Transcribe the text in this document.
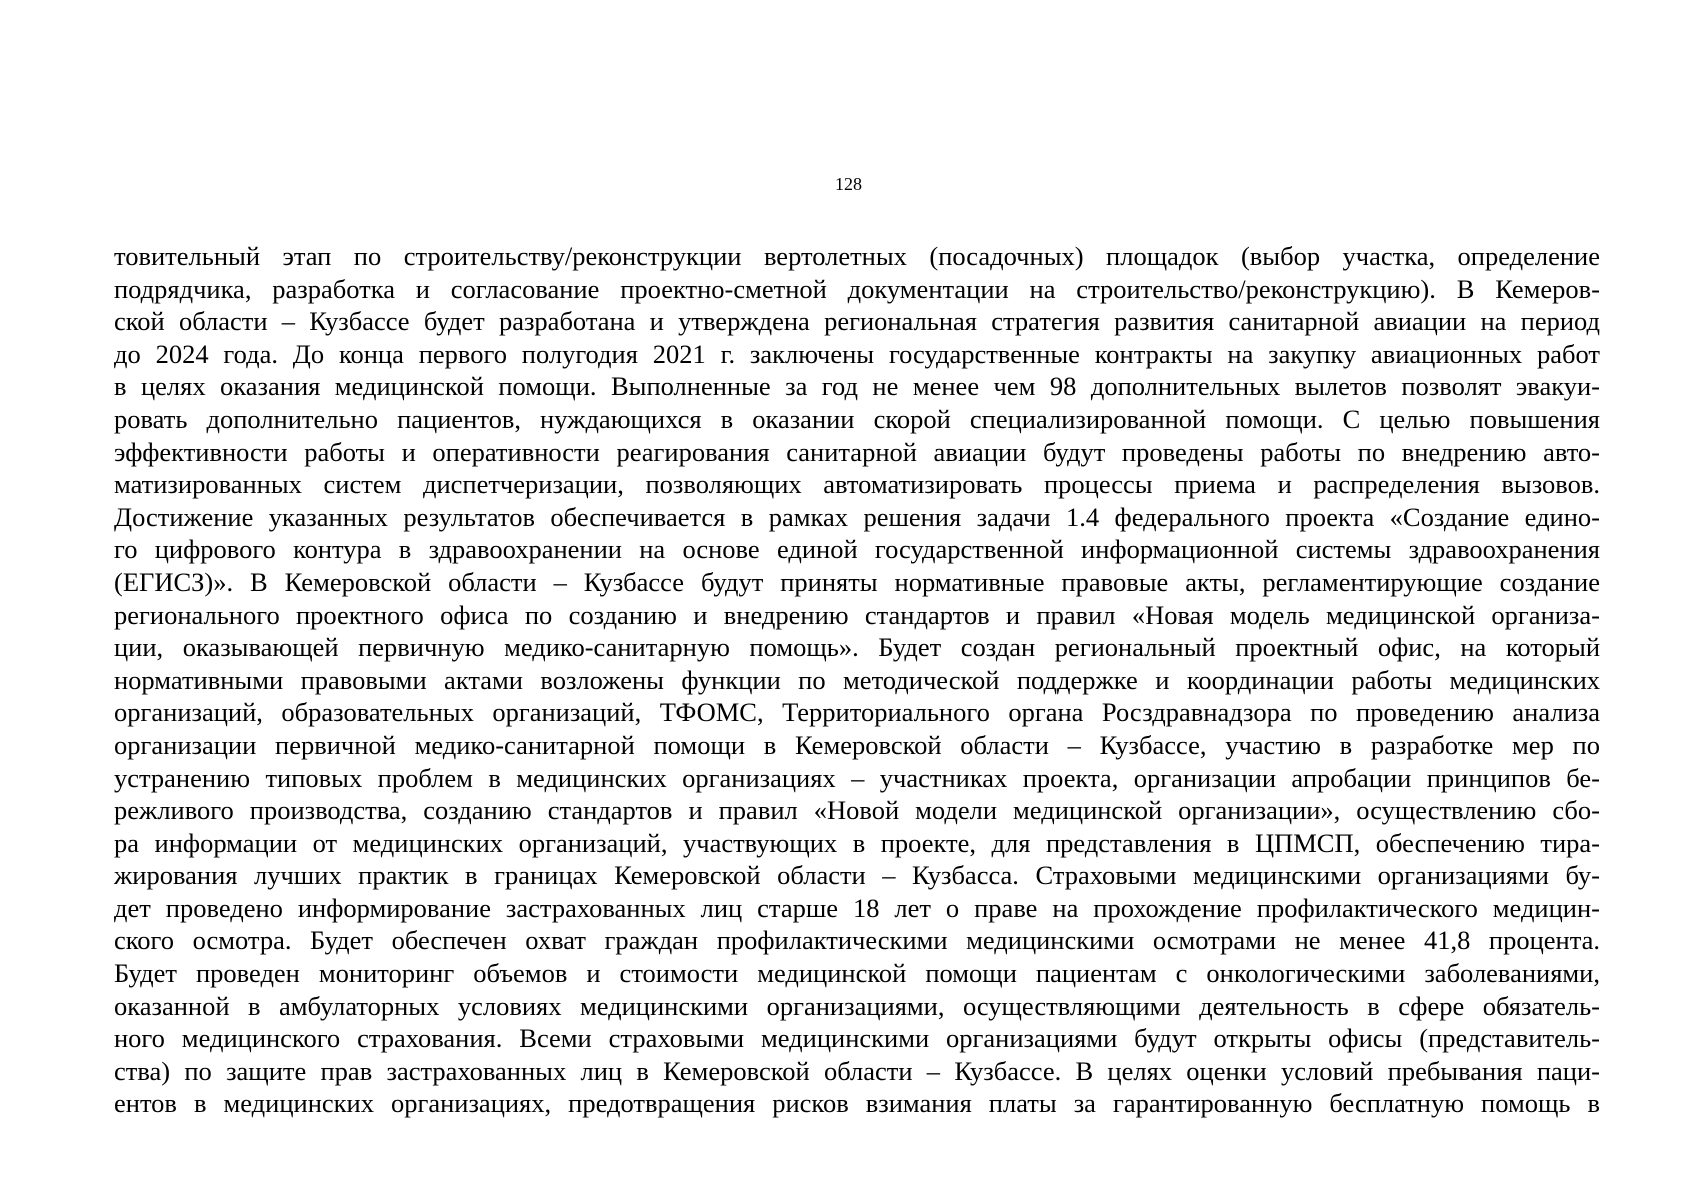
128
товительный этап по строительству/реконструкции вертолетных (посадочных) площадок (выбор участка, определение
подрядчика, разработка и согласование проектно-сметной документации на строительство/реконструкцию). В Кемеров-
ской области – Кузбассе будет разработана и утверждена региональная стратегия развития санитарной авиации на период
до 2024 года. До конца первого полугодия 2021 г. заключены государственные контракты на закупку авиационных работ
в целях оказания медицинской помощи. Выполненные за год не менее чем 98 дополнительных вылетов позволят эвакуи-
ровать дополнительно пациентов, нуждающихся в оказании скорой специализированной помощи. С целью повышения
эффективности работы и оперативности реагирования санитарной авиации будут проведены работы по внедрению авто-
матизированных систем диспетчеризации, позволяющих автоматизировать процессы приема и распределения вызовов.
Достижение указанных результатов обеспечивается в рамках решения задачи 1.4 федерального проекта «Создание едино-
го цифрового контура в здравоохранении на основе единой государственной информационной системы здравоохранения
(ЕГИСЗ)». В Кемеровской области – Кузбассе будут приняты нормативные правовые акты, регламентирующие создание
регионального проектного офиса по созданию и внедрению стандартов и правил «Новая модель медицинской организа-
ции, оказывающей первичную медико-санитарную помощь». Будет создан региональный проектный офис, на который
нормативными правовыми актами возложены функции по методической поддержке и координации работы медицинских
организаций, образовательных организаций, ТФОМС, Территориального органа Росздравнадзора по проведению анализа
организации первичной медико-санитарной помощи в Кемеровской области – Кузбассе, участию в разработке мер по
устранению типовых проблем в медицинских организациях – участниках проекта, организации апробации принципов бе-
режливого производства, созданию стандартов и правил «Новой модели медицинской организации», осуществлению сбо-
ра информации от медицинских организаций, участвующих в проекте, для представления в ЦПМСП, обеспечению тира-
жирования лучших практик в границах Кемеровской области – Кузбасса. Страховыми медицинскими организациями бу-
дет проведено информирование застрахованных лиц старше 18 лет о праве на прохождение профилактического медицин-
ского осмотра. Будет обеспечен охват граждан профилактическими медицинскими осмотрами не менее 41,8 процента.
Будет проведен мониторинг объемов и стоимости медицинской помощи пациентам с онкологическими заболеваниями,
оказанной в амбулаторных условиях медицинскими организациями, осуществляющими деятельность в сфере обязатель-
ного медицинского страхования. Всеми страховыми медицинскими организациями будут открыты офисы (представитель-
ства) по защите прав застрахованных лиц в Кемеровской области – Кузбассе. В целях оценки условий пребывания паци-
ентов в медицинских организациях, предотвращения рисков взимания платы за гарантированную бесплатную помощь в
